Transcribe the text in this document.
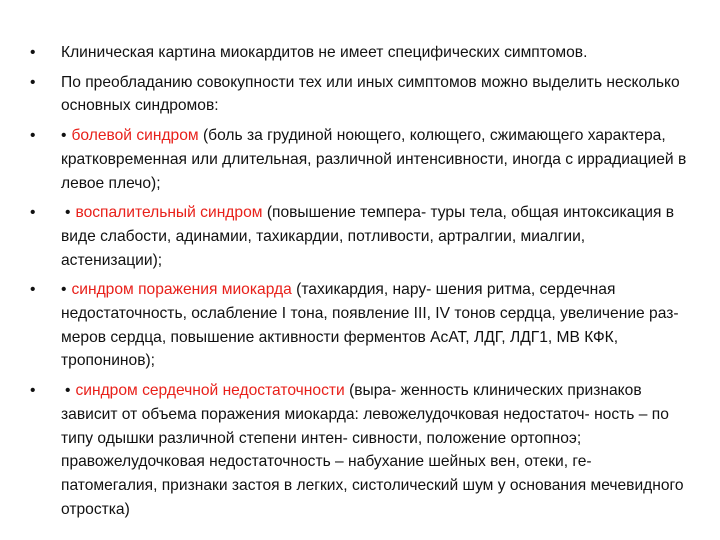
•	Клиническая картина миокардитов не имеет специфических симптомов.
•	По преобладанию совокупности тех или иных симптомов можно выделить несколько основных синдромов:
•	• болевой синдром (боль за грудиной ноющего, колющего, сжимающего характера, кратковременная или длительная, различной интенсивности, иногда с иррадиацией в левое плечо);
•	• воспалительный синдром (повышение темпера- туры тела, общая интоксикация в виде слабости, адинамии, тахикардии, потливости, артралгии, миалгии, астенизации);
•	• синдром поражения миокарда (тахикардия, нару- шения ритма, сердечная недостаточность, ослабление I тона, появление III, IV тонов сердца, увеличение раз- меров сердца, повышение активности ферментов АсАТ, ЛДГ, ЛДГ1, МВ КФК, тропонинов);
•	• синдром сердечной недостаточности (выра- женность клинических признаков зависит от объема поражения миокарда: левожелудочковая недостаточ- ность – по типу одышки различной степени интен- сивности, положение ортопноэ; правожелудочковая недостаточность – набухание шейных вен, отеки, ге- патомегалия, признаки застоя в легких, систолический шум у основания мечевидного отростка)
